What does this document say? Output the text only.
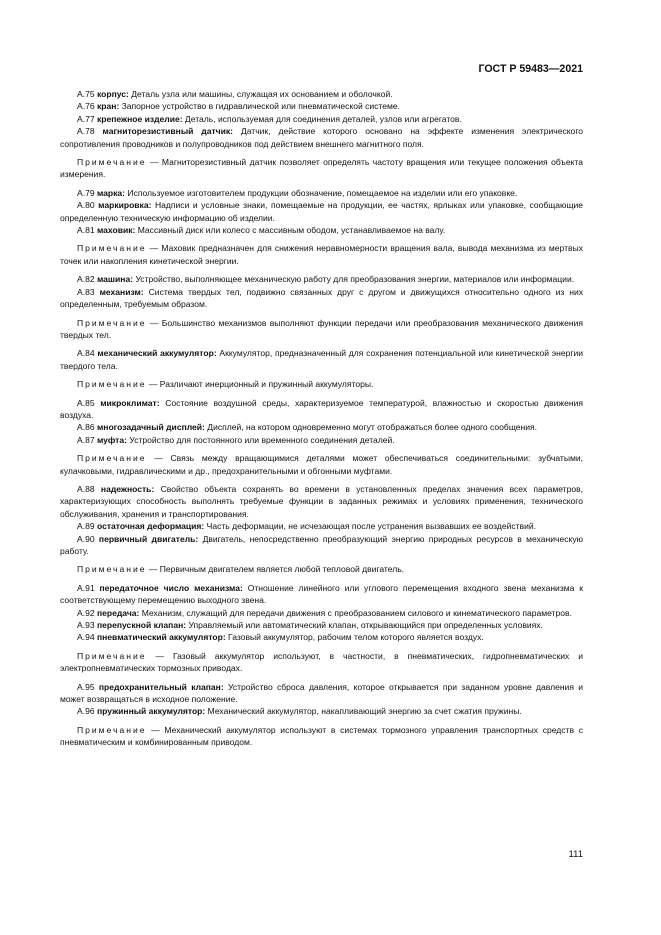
ГОСТ Р 59483—2021

А.75 корпус: Деталь узла или машины, служащая их основанием и оболочкой.

А.76 кран: Запорное устройство в гидравлической или пневматической системе.

А.77 крепежное изделие: Деталь, используемая для соединения деталей, узлов или агрегатов.

А.78 магниторезистивный датчик: Датчик, действие которого основано на эффекте изменения электрического сопротивления проводников и полупроводников под действием внешнего магнитного поля.

Примечание — Магниторезистивный датчик позволяет определять частоту вращения или текущее положения объекта измерения.

А.79 марка: Используемое изготовителем продукции обозначение, помещаемое на изделии или его упаковке.

А.80 маркировка: Надписи и условные знаки, помещаемые на продукции, ее частях, ярлыках или упаковке, сообщающие определенную техническую информацию об изделии.

А.81 маховик: Массивный диск или колесо с массивным ободом, устанавливаемое на валу.

Примечание — Маховик предназначен для снижения неравномерности вращения вала, вывода механизма из мертвых точек или накопления кинетической энергии.

А.82 машина: Устройство, выполняющее механическую работу для преобразования энергии, материалов или информации.

А.83 механизм: Система твердых тел, подвижно связанных друг с другом и движущихся относительно одного из них определенным, требуемым образом.

Примечание — Большинство механизмов выполняют функции передачи или преобразования механического движения твердых тел.

А.84 механический аккумулятор: Аккумулятор, предназначенный для сохранения потенциальной или кинетической энергии твердого тела.

Примечание — Различают инерционный и пружинный аккумуляторы.

А.85 микроклимат: Состояние воздушной среды, характеризуемое температурой, влажностью и скоростью движения воздуха.

А.86 многозадачный дисплей: Дисплей, на котором одновременно могут отображаться более одного сообщения.

А.87 муфта: Устройство для постоянного или временного соединения деталей.

Примечание — Связь между вращающимися деталями может обеспечиваться соединительными: зубчатыми, кулачковыми, гидравлическими и др., предохранительными и обгонными муфтами.

А.88 надежность: Свойство объекта сохранять во времени в установленных пределах значения всех параметров, характеризующих способность выполнять требуемые функции в заданных режимах и условиях применения, технического обслуживания, хранения и транспортирования.

А.89 остаточная деформация: Часть деформации, не исчезающая после устранения вызвавших ее воздействий.

А.90 первичный двигатель: Двигатель, непосредственно преобразующий энергию природных ресурсов в механическую работу.

Примечание — Первичным двигателем является любой тепловой двигатель.

А.91 передаточное число механизма: Отношение линейного или углового перемещения входного звена механизма к соответствующему перемещению выходного звена.

А.92 передача: Механизм, служащий для передачи движения с преобразованием силового и кинематического параметров.

А.93 перепускной клапан: Управляемый или автоматический клапан, открывающийся при определенных условиях.

А.94 пневматический аккумулятор: Газовый аккумулятор, рабочим телом которого является воздух.

Примечание — Газовый аккумулятор используют, в частности, в пневматических, гидропневматических и электропневматических тормозных приводах.

А.95 предохранительный клапан: Устройство сброса давления, которое открывается при заданном уровне давления и может возвращаться в исходное положение.

А.96 пружинный аккумулятор: Механический аккумулятор, накапливающий энергию за счет сжатия пружины.

Примечание — Механический аккумулятор используют в системах тормозного управления транспортных средств с пневматическим и комбинированным приводом.

111
